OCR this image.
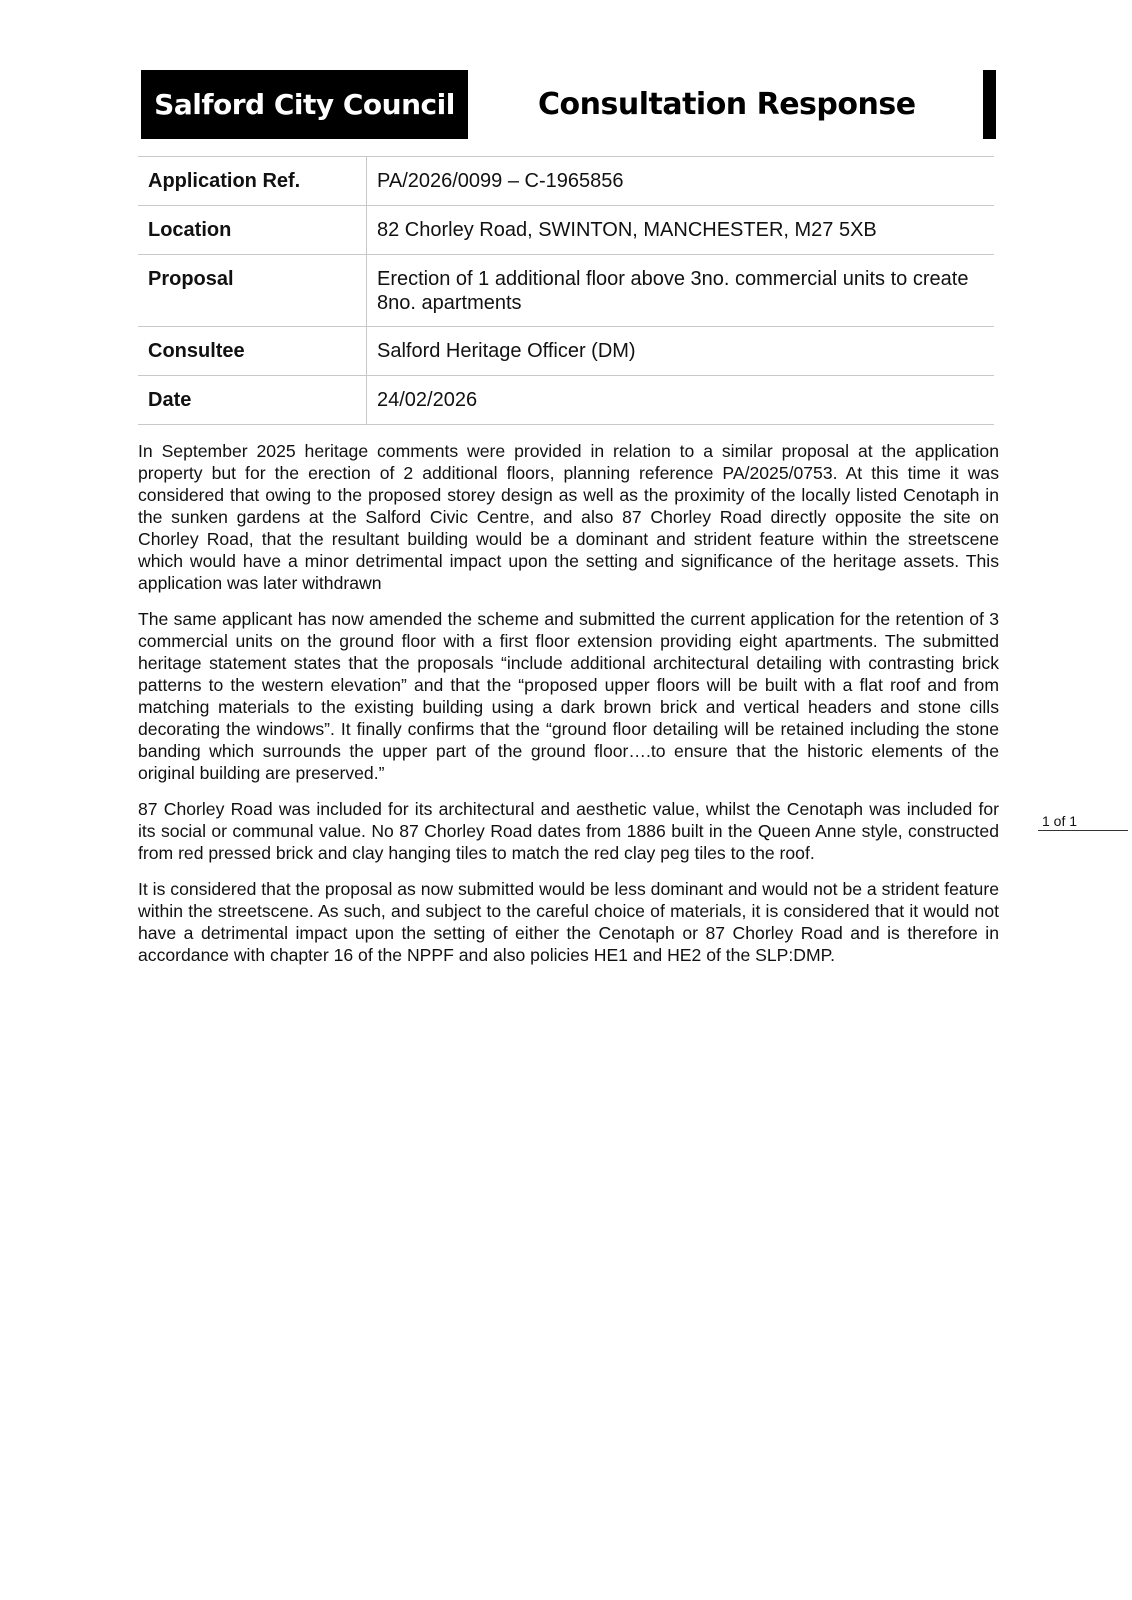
Salford City Council	Consultation Response
Application Ref.	PA/2026/0099 – C-1965856
Location	82 Chorley Road, SWINTON, MANCHESTER, M27 5XB
Proposal	Erection of 1 additional floor above 3no. commercial units to create 8no. apartments
Consultee	Salford Heritage Officer (DM)
Date	24/02/2026

In September 2025 heritage comments were provided in relation to a similar proposal at the application property but for the erection of 2 additional floors, planning reference PA/2025/0753. At this time it was considered that owing to the proposed storey design as well as the proximity of the locally listed Cenotaph in the sunken gardens at the Salford Civic Centre, and also 87 Chorley Road directly opposite the site on Chorley Road, that the resultant building would be a dominant and strident feature within the streetscene which would have a minor detrimental impact upon the setting and significance of the heritage assets. This application was later withdrawn

The same applicant has now amended the scheme and submitted the current application for the retention of 3 commercial units on the ground floor with a first floor extension providing eight apartments. The submitted heritage statement states that the proposals “include additional architectural detailing with contrasting brick patterns to the western elevation” and that the “proposed upper floors will be built with a flat roof and from matching materials to the existing building using a dark brown brick and vertical headers and stone cills decorating the windows”. It finally confirms that the “ground floor detailing will be retained including the stone banding which surrounds the upper part of the ground floor….to ensure that the historic elements of the original building are preserved.”

87 Chorley Road was included for its architectural and aesthetic value, whilst the Cenotaph was included for its social or communal value. No 87 Chorley Road dates from 1886 built in the Queen Anne style, constructed from red pressed brick and clay hanging tiles to match the red clay peg tiles to the roof.

It is considered that the proposal as now submitted would be less dominant and would not be a strident feature within the streetscene. As such, and subject to the careful choice of materials, it is considered that it would not have a detrimental impact upon the setting of either the Cenotaph or 87 Chorley Road and is therefore in accordance with chapter 16 of the NPPF and also policies HE1 and HE2 of the SLP:DMP.

1 of 1
